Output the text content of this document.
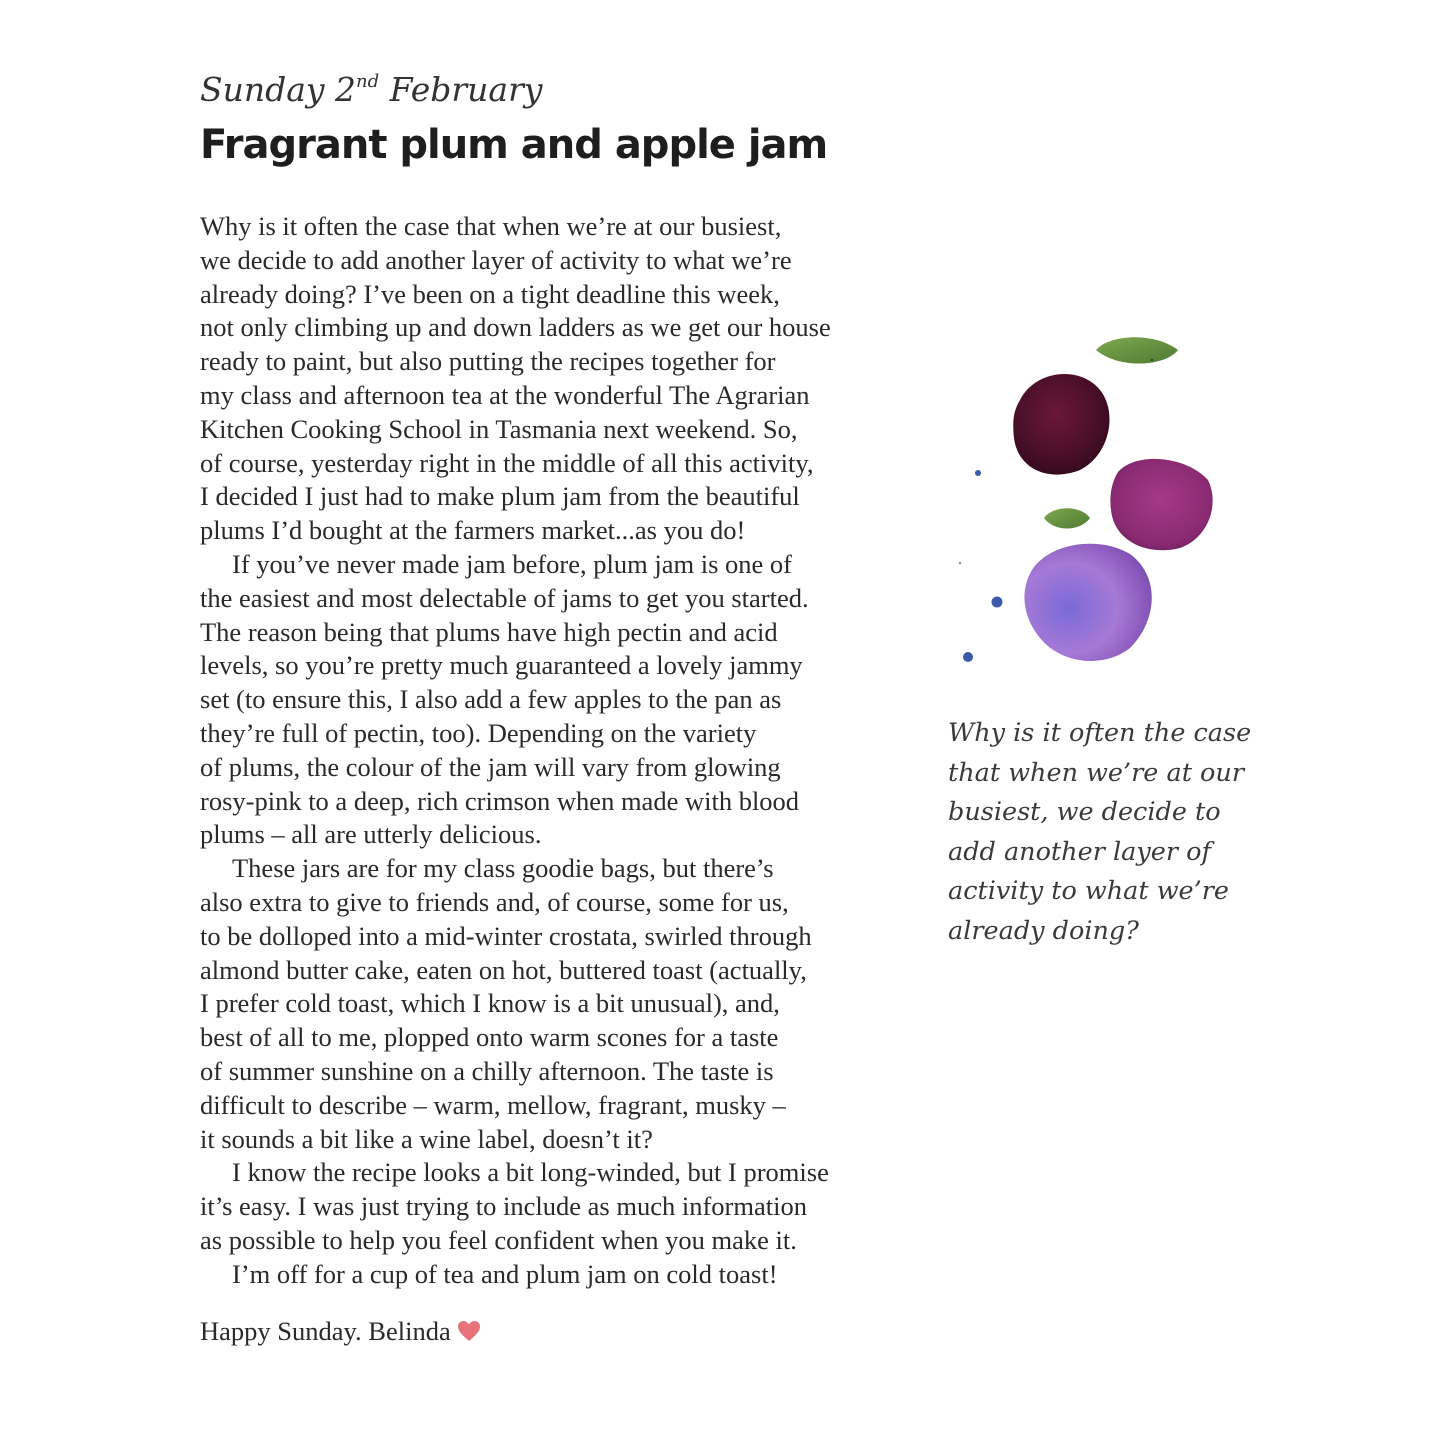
Sunday 2nd February
Fragrant plum and apple jam
Why is it often the case that when we’re at our busiest,
we decide to add another layer of activity to what we’re
already doing? I’ve been on a tight deadline this week,
not only climbing up and down ladders as we get our house
ready to paint, but also putting the recipes together for
my class and afternoon tea at the wonderful The Agrarian
Kitchen Cooking School in Tasmania next weekend. So,
of course, yesterday right in the middle of all this activity,
I decided I just had to make plum jam from the beautiful
plums I’d bought at the farmers market...as you do!
If you’ve never made jam before, plum jam is one of
the easiest and most delectable of jams to get you started.
The reason being that plums have high pectin and acid
levels, so you’re pretty much guaranteed a lovely jammy
set (to ensure this, I also add a few apples to the pan as
they’re full of pectin, too). Depending on the variety
of plums, the colour of the jam will vary from glowing
rosy-pink to a deep, rich crimson when made with blood
plums – all are utterly delicious.
These jars are for my class goodie bags, but there’s
also extra to give to friends and, of course, some for us,
to be dolloped into a mid-winter crostata, swirled through
almond butter cake, eaten on hot, buttered toast (actually,
I prefer cold toast, which I know is a bit unusual), and,
best of all to me, plopped onto warm scones for a taste
of summer sunshine on a chilly afternoon. The taste is
difficult to describe – warm, mellow, fragrant, musky –
it sounds a bit like a wine label, doesn’t it?
I know the recipe looks a bit long-winded, but I promise
it’s easy. I was just trying to include as much information
as possible to help you feel confident when you make it.
I’m off for a cup of tea and plum jam on cold toast!
Happy Sunday. Belinda
Why is it often the case
that when we’re at our
busiest, we decide to
add another layer of
activity to what we’re
already doing?
